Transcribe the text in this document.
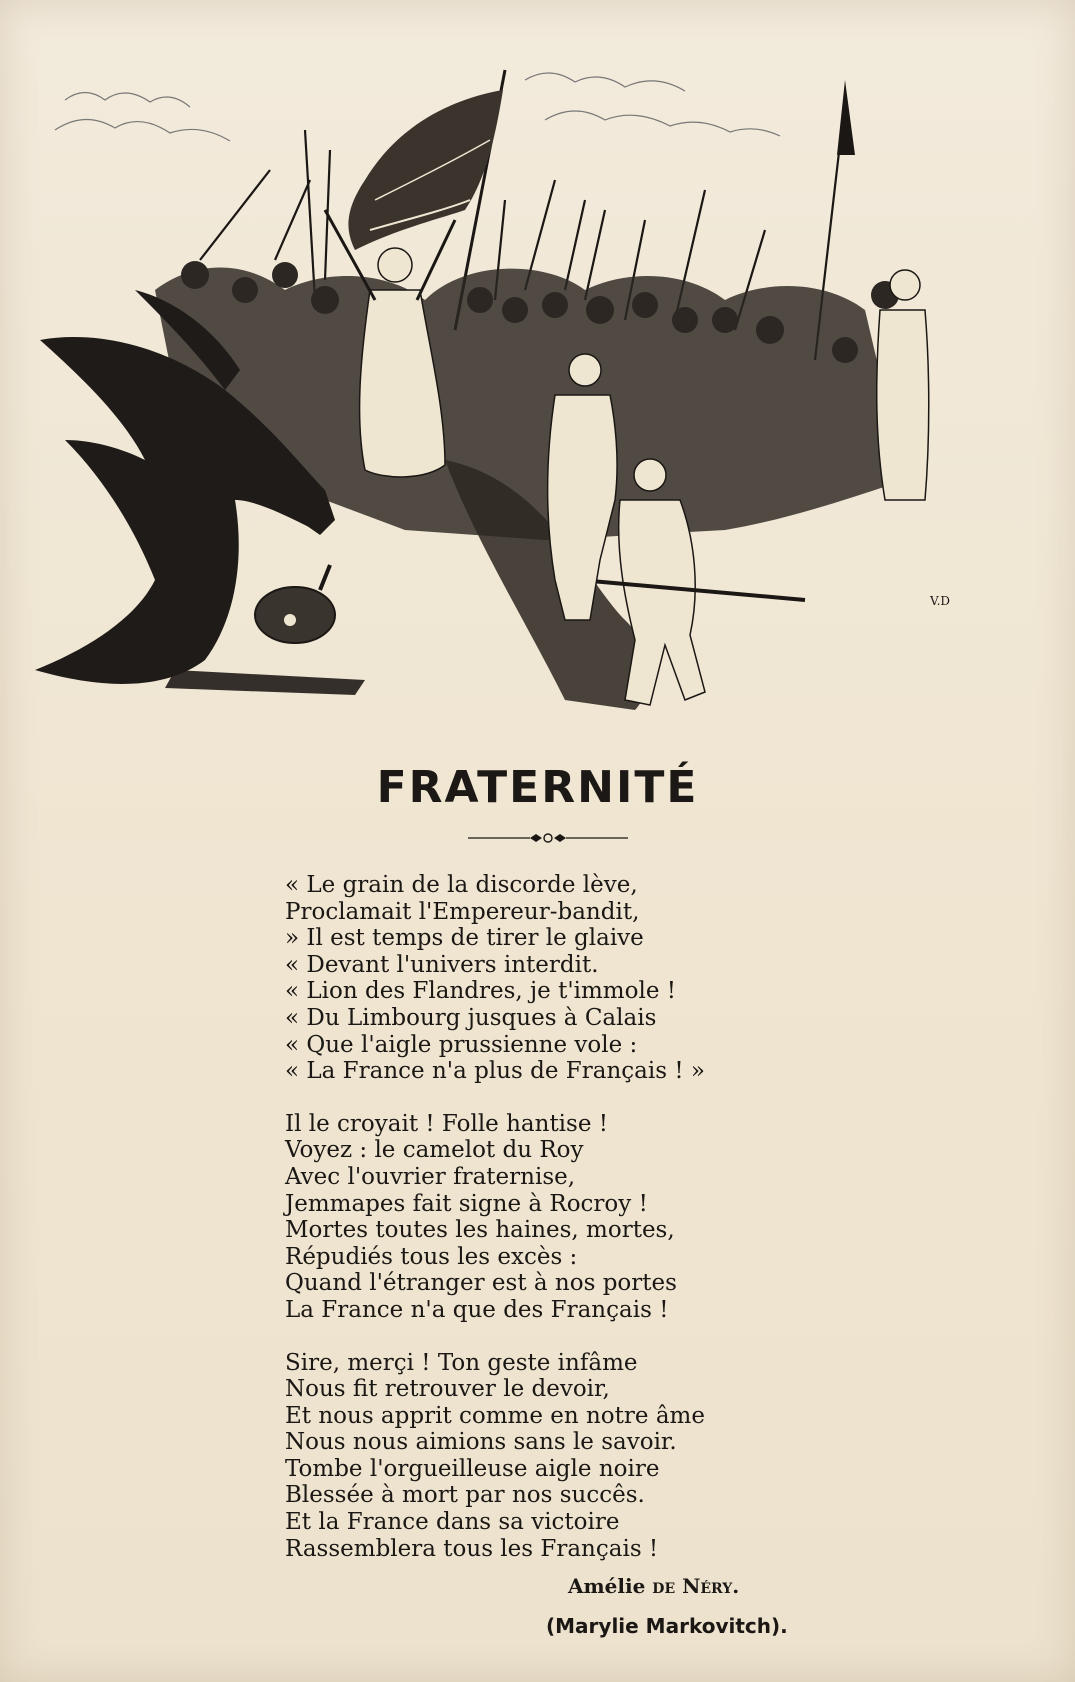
V.D
FRATERNITÉ
« Le grain de la discorde lève,
Proclamait l'Empereur-bandit,
» Il est temps de tirer le glaive
« Devant l'univers interdit.
« Lion des Flandres, je t'immole !
« Du Limbourg jusques à Calais
« Que l'aigle prussienne vole :
« La France n'a plus de Français ! »
Il le croyait ! Folle hantise !
Voyez : le camelot du Roy
Avec l'ouvrier fraternise,
Jemmapes fait signe à Rocroy !
Mortes toutes les haines, mortes,
Répudiés tous les excès :
Quand l'étranger est à nos portes
La France n'a que des Français !
Sire, merçi ! Ton geste infâme
Nous fit retrouver le devoir,
Et nous apprit comme en notre âme
Nous nous aimions sans le savoir.
Tombe l'orgueilleuse aigle noire
Blessée à mort par nos succês.
Et la France dans sa victoire
Rassemblera tous les Français !
Amélie de Néry.
(Marylie Markovitch).
